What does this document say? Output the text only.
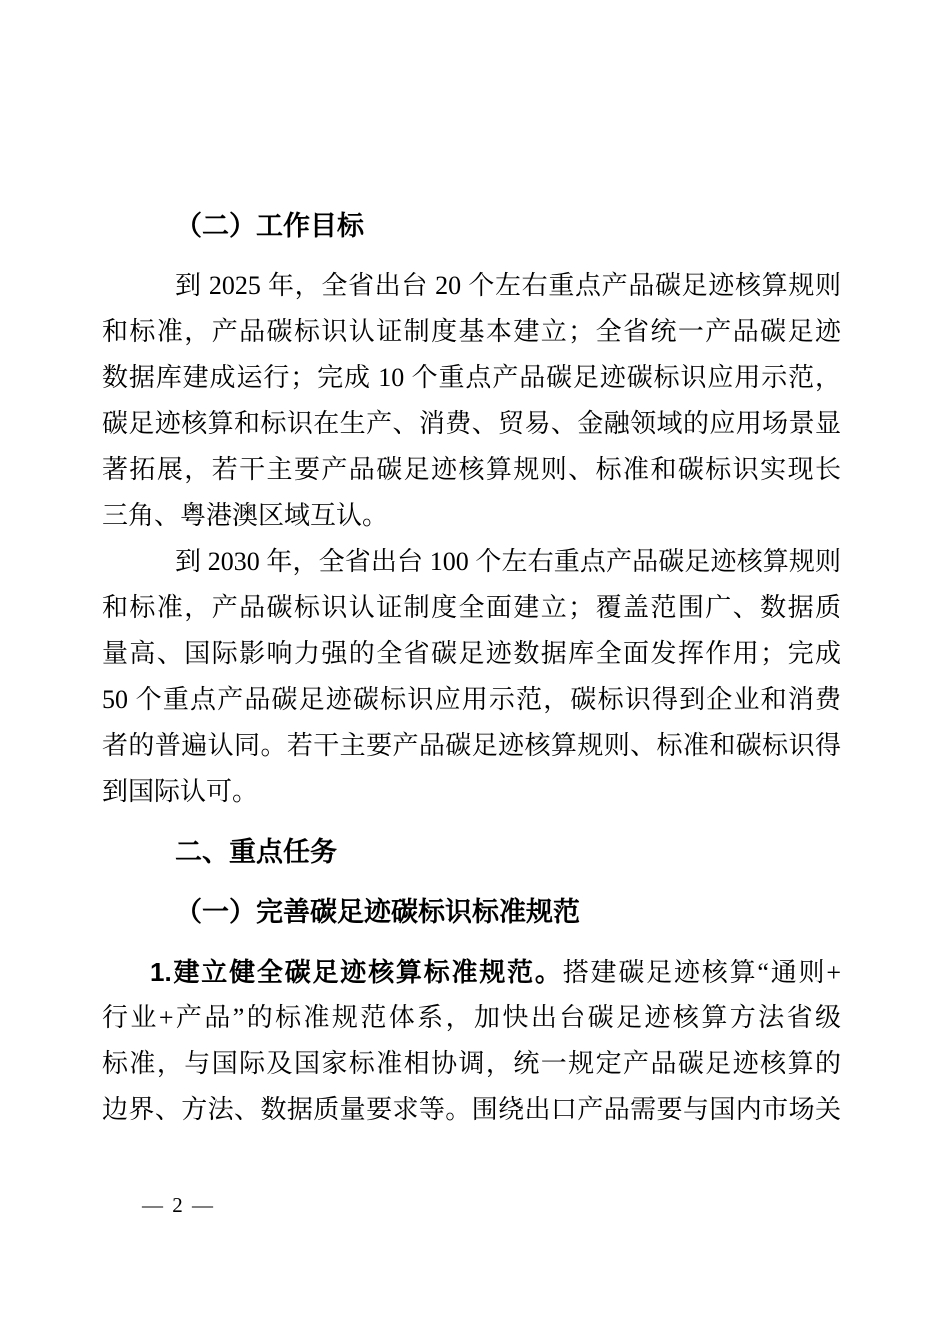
（二）工作目标

到 2025 年，全省出台 20 个左右重点产品碳足迹核算规则
和标准，产品碳标识认证制度基本建立；全省统一产品碳足迹
数据库建成运行；完成 10 个重点产品碳足迹碳标识应用示范，
碳足迹核算和标识在生产、消费、贸易、金融领域的应用场景显
著拓展，若干主要产品碳足迹核算规则、标准和碳标识实现长
三角、粤港澳区域互认。

到 2030 年，全省出台 100 个左右重点产品碳足迹核算规则
和标准，产品碳标识认证制度全面建立；覆盖范围广、数据质
量高、国际影响力强的全省碳足迹数据库全面发挥作用；完成
50 个重点产品碳足迹碳标识应用示范，碳标识得到企业和消费
者的普遍认同。若干主要产品碳足迹核算规则、标准和碳标识得
到国际认可。

二、重点任务
（一）完善碳足迹碳标识标准规范

1.建立健全碳足迹核算标准规范。搭建碳足迹核算“通则+
行业+产品”的标准规范体系，加快出台碳足迹核算方法省级
标准，与国际及国家标准相协调，统一规定产品碳足迹核算的
边界、方法、数据质量要求等。围绕出口产品需要与国内市场关

— 2 —
